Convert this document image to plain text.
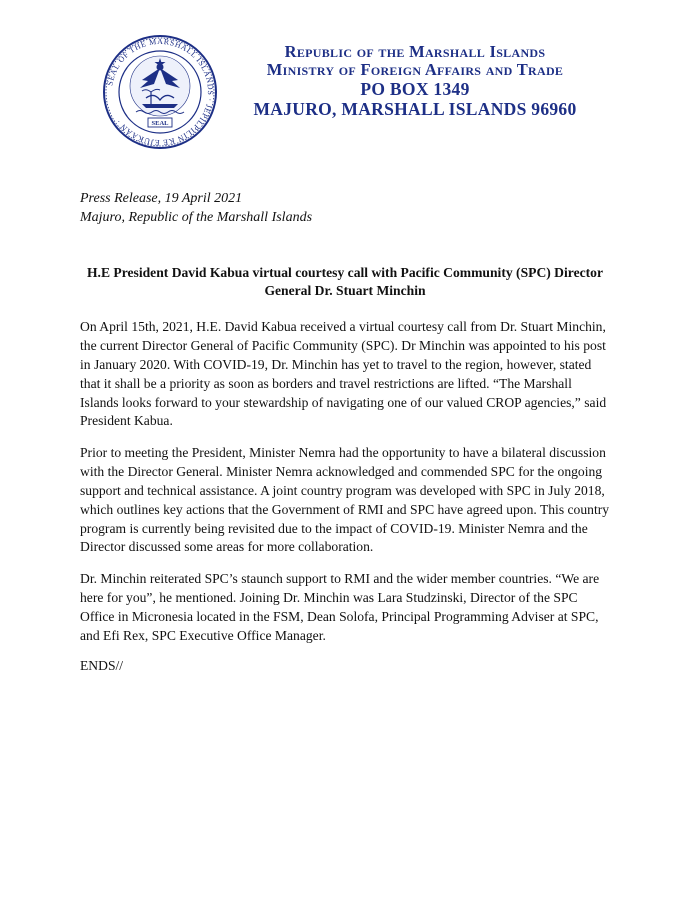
SEAL OF THE MARSHALL ISLANDS · JEPILPILIN KE EJUKAAN ·	SEAL
Republic of the Marshall Islands
Ministry of Foreign Affairs and Trade
PO BOX 1349
MAJURO, MARSHALL ISLANDS 96960
Press Release, 19 April 2021
Majuro, Republic of the Marshall Islands
H.E President David Kabua virtual courtesy call with Pacific Community (SPC) Director General Dr. Stuart Minchin

On April 15th, 2021, H.E. David Kabua received a virtual courtesy call from Dr. Stuart Minchin, the current Director General of Pacific Community (SPC). Dr Minchin was appointed to his post in January 2020. With COVID-19, Dr. Minchin has yet to travel to the region, however, stated that it shall be a priority as soon as borders and travel restrictions are lifted. “The Marshall Islands looks forward to your stewardship of navigating one of our valued CROP agencies,” said President Kabua.

Prior to meeting the President, Minister Nemra had the opportunity to have a bilateral discussion with the Director General. Minister Nemra acknowledged and commended SPC for the ongoing support and technical assistance. A joint country program was developed with SPC in July 2018, which outlines key actions that the Government of RMI and SPC have agreed upon. This country program is currently being revisited due to the impact of COVID-19. Minister Nemra and the Director discussed some areas for more collaboration.

Dr. Minchin reiterated SPC’s staunch support to RMI and the wider member countries. “We are here for you”, he mentioned. Joining Dr. Minchin was Lara Studzinski, Director of the SPC Office in Micronesia located in the FSM, Dean Solofa, Principal Programming Adviser at SPC, and Efi Rex, SPC Executive Office Manager.

ENDS//
